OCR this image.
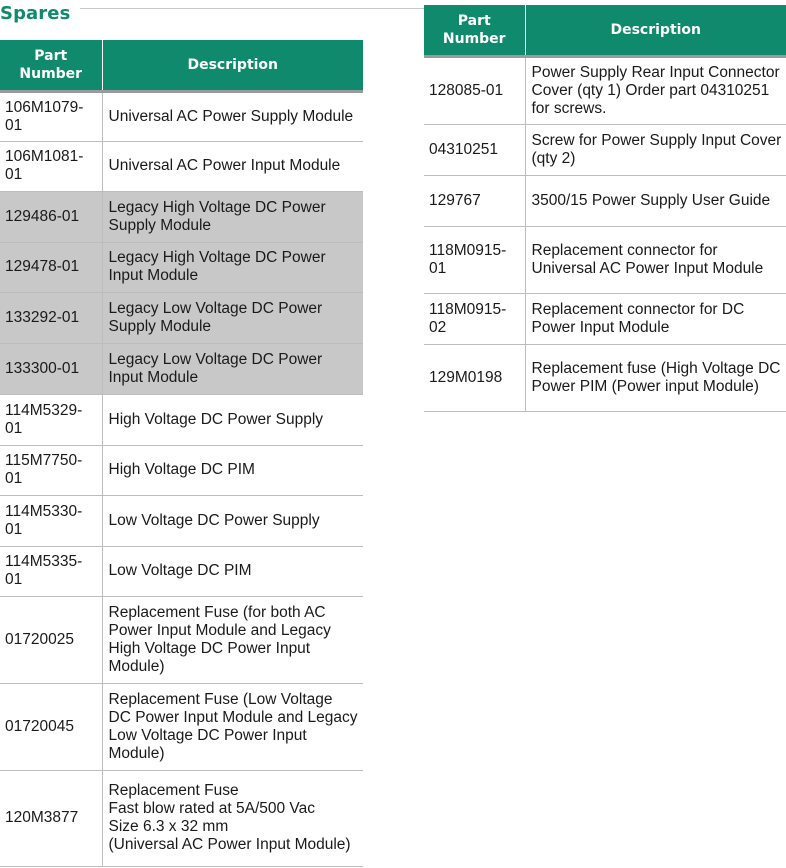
Spares
Part Number	Description
106M1079-01	Universal AC Power Supply Module
106M1081-01	Universal AC Power Input Module
129486-01	Legacy High Voltage DC Power Supply Module
129478-01	Legacy High Voltage DC Power Input Module
133292-01	Legacy Low Voltage DC Power Supply Module
133300-01	Legacy Low Voltage DC Power Input Module
114M5329-01	High Voltage DC Power Supply
115M7750-01	High Voltage DC PIM
114M5330-01	Low Voltage DC Power Supply
114M5335-01	Low Voltage DC PIM
01720025	Replacement Fuse (for both AC Power Input Module and Legacy High Voltage DC Power Input Module)
01720045	Replacement Fuse (Low Voltage DC Power Input Module and Legacy Low Voltage DC Power Input Module)
120M3877	Replacement Fuse
Fast blow rated at 5A/500 Vac
Size 6.3 x 32 mm
(Universal AC Power Input Module)
Part Number	Description
128085-01	Power Supply Rear Input Connector Cover (qty 1) Order part 04310251 for screws.
04310251	Screw for Power Supply Input Cover (qty 2)
129767	3500/15 Power Supply User Guide
118M0915-01	Replacement connector for Universal AC Power Input Module
118M0915-02	Replacement connector for DC Power Input Module
129M0198	Replacement fuse (High Voltage DC Power PIM (Power input Module)
